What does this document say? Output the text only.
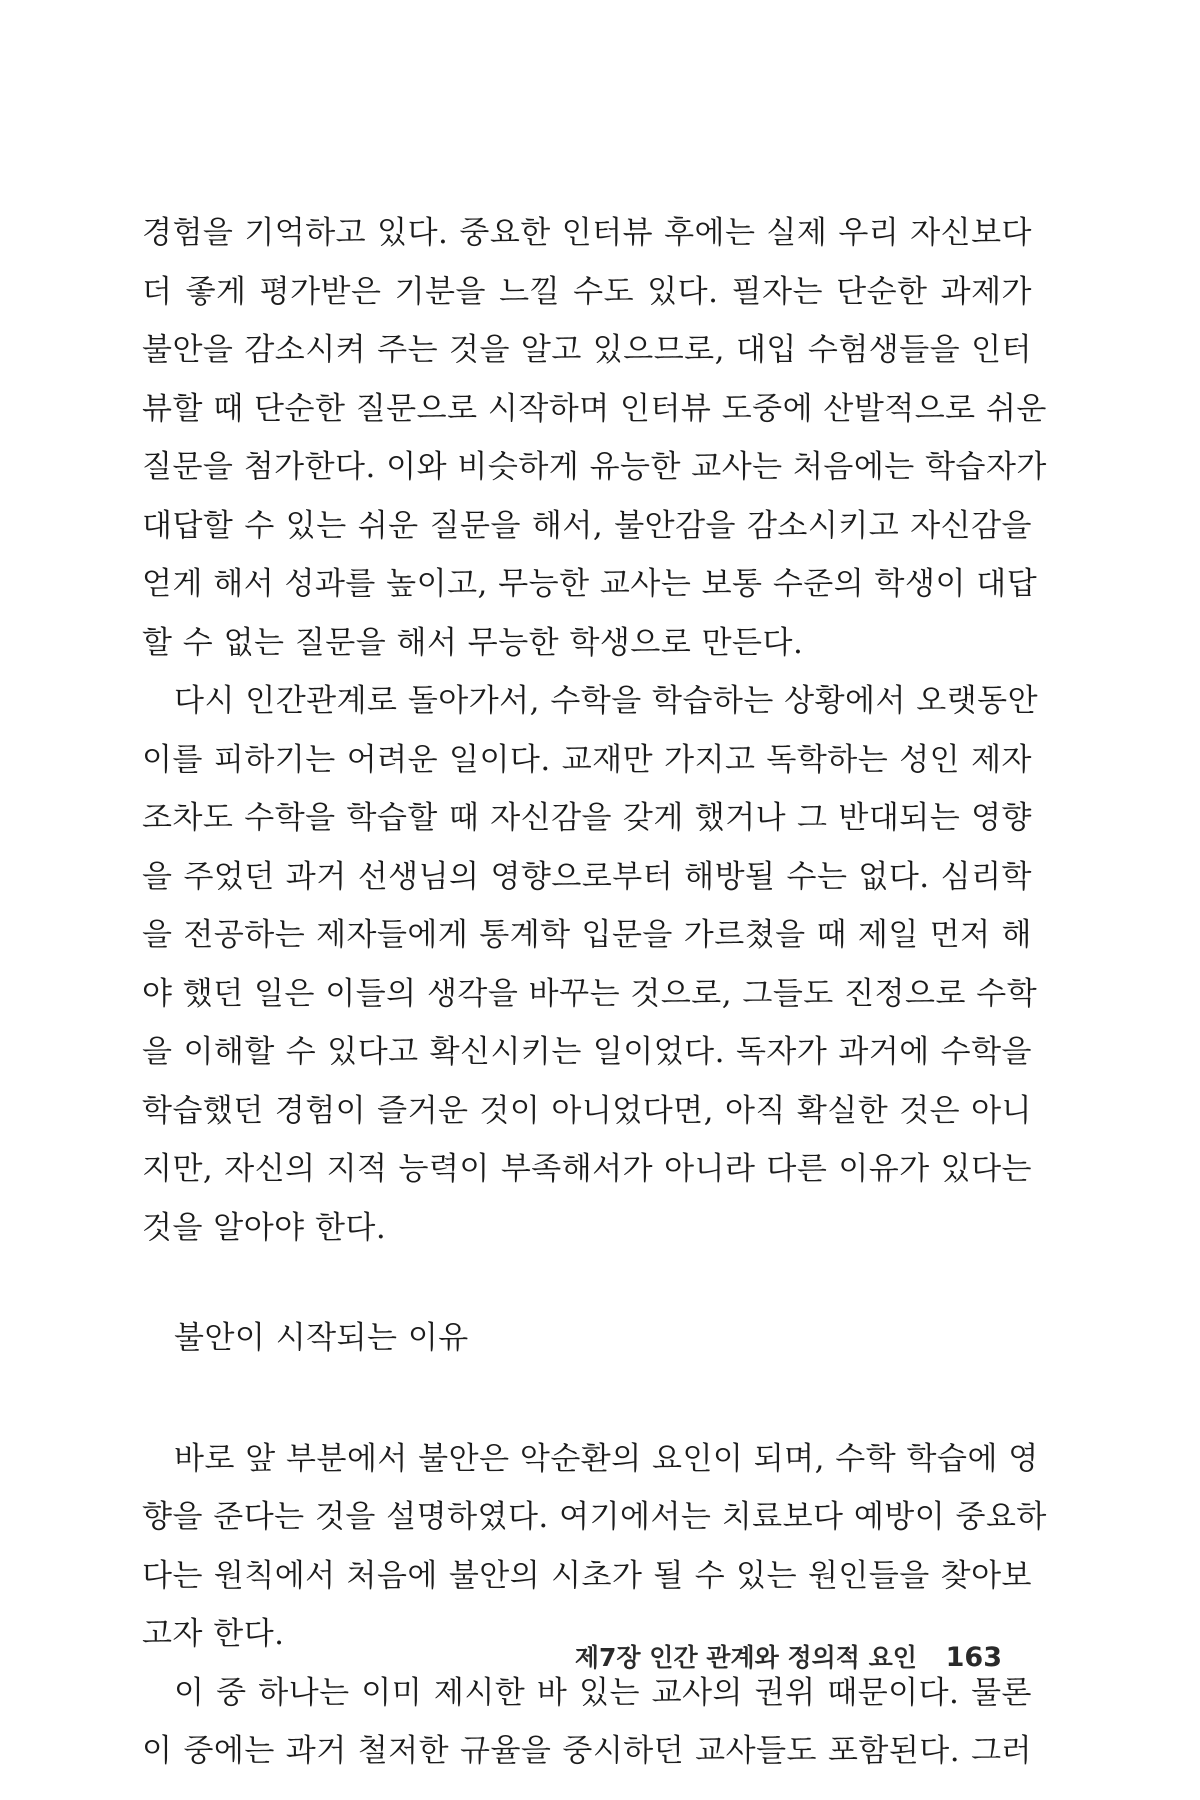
경험을 기억하고 있다. 중요한 인터뷰 후에는 실제 우리 자신보다
더 좋게 평가받은 기분을 느낄 수도 있다. 필자는 단순한 과제가
불안을 감소시켜 주는 것을 알고 있으므로, 대입 수험생들을 인터
뷰할 때 단순한 질문으로 시작하며 인터뷰 도중에 산발적으로 쉬운
질문을 첨가한다. 이와 비슷하게 유능한 교사는 처음에는 학습자가
대답할 수 있는 쉬운 질문을 해서, 불안감을 감소시키고 자신감을
얻게 해서 성과를 높이고, 무능한 교사는 보통 수준의 학생이 대답
할 수 없는 질문을 해서 무능한 학생으로 만든다.
다시 인간관계로 돌아가서, 수학을 학습하는 상황에서 오랫동안
이를 피하기는 어려운 일이다. 교재만 가지고 독학하는 성인 제자
조차도 수학을 학습할 때 자신감을 갖게 했거나 그 반대되는 영향
을 주었던 과거 선생님의 영향으로부터 해방될 수는 없다. 심리학
을 전공하는 제자들에게 통계학 입문을 가르쳤을 때 제일 먼저 해
야 했던 일은 이들의 생각을 바꾸는 것으로, 그들도 진정으로 수학
을 이해할 수 있다고 확신시키는 일이었다. 독자가 과거에 수학을
학습했던 경험이 즐거운 것이 아니었다면, 아직 확실한 것은 아니
지만, 자신의 지적 능력이 부족해서가 아니라 다른 이유가 있다는
것을 알아야 한다.
불안이 시작되는 이유
바로 앞 부분에서 불안은 악순환의 요인이 되며, 수학 학습에 영
향을 준다는 것을 설명하였다. 여기에서는 치료보다 예방이 중요하
다는 원칙에서 처음에 불안의 시초가 될 수 있는 원인들을 찾아보
고자 한다.
이 중 하나는 이미 제시한 바 있는 교사의 권위 때문이다. 물론
이 중에는 과거 철저한 규율을 중시하던 교사들도 포함된다. 그러
제7장 인간 관계와 정의적 요인 163
